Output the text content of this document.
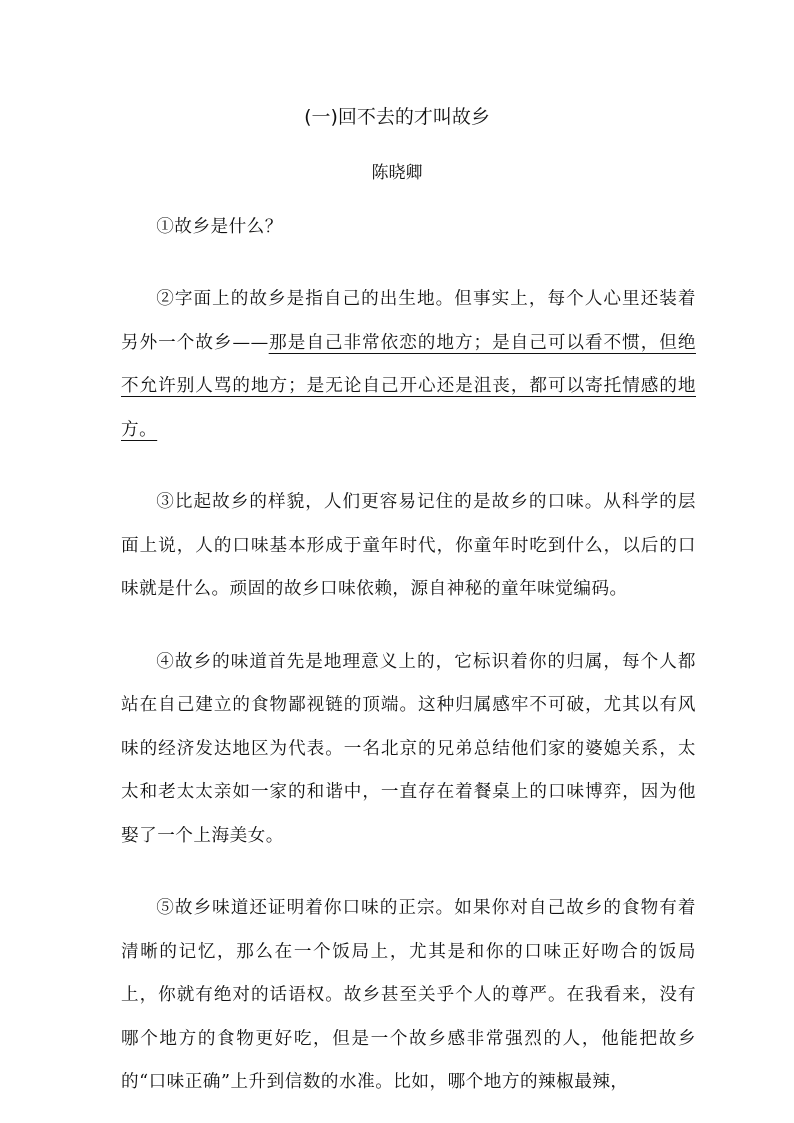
(一)回不去的才叫故乡
陈晓卿

①故乡是什么？

②字面上的故乡是指自己的出生地。但事实上，每个人心里还装着另外一个故乡——那是自己非常依恋的地方；是自己可以看不惯，但绝不允许别人骂的地方；是无论自己开心还是沮丧，都可以寄托情感的地方。

③比起故乡的样貌，人们更容易记住的是故乡的口味。从科学的层面上说，人的口味基本形成于童年时代，你童年时吃到什么，以后的口味就是什么。顽固的故乡口味依赖，源自神秘的童年味觉编码。

④故乡的味道首先是地理意义上的，它标识着你的归属，每个人都站在自己建立的食物鄙视链的顶端。这种归属感牢不可破，尤其以有风味的经济发达地区为代表。一名北京的兄弟总结他们家的婆媳关系，太太和老太太亲如一家的和谐中，一直存在着餐桌上的口味博弈，因为他娶了一个上海美女。

⑤故乡味道还证明着你口味的正宗。如果你对自己故乡的食物有着清晰的记忆，那么在一个饭局上，尤其是和你的口味正好吻合的饭局上，你就有绝对的话语权。故乡甚至关乎个人的尊严。在我看来，没有哪个地方的食物更好吃，但是一个故乡感非常强烈的人，他能把故乡的“口味正确”上升到信数的水准。比如，哪个地方的辣椒最辣，
